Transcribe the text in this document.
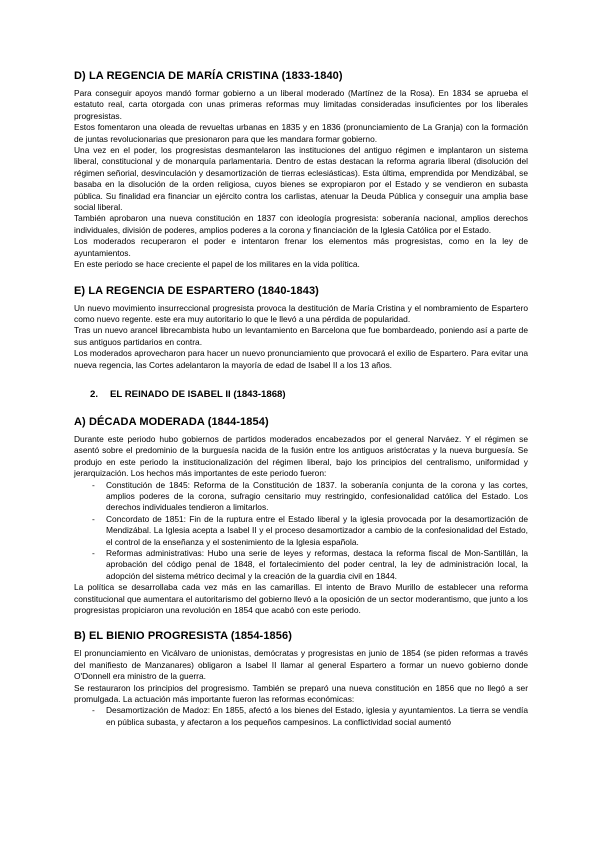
D) LA REGENCIA DE MARÍA CRISTINA (1833-1840)

Para conseguir apoyos mandó formar gobierno a un liberal moderado (Martínez de la Rosa). En 1834 se aprueba el estatuto real, carta otorgada con unas primeras reformas muy limitadas consideradas insuficientes por los liberales progresistas.

Estos fomentaron una oleada de revueltas urbanas en 1835 y en 1836 (pronunciamiento de La Granja) con la formación de juntas revolucionarias que presionaron para que les mandara formar gobierno.

Una vez en el poder, los progresistas desmantelaron las instituciones del antiguo régimen e implantaron un sistema liberal, constitucional y de monarquía parlamentaria. Dentro de estas destacan la reforma agraria liberal (disolución del régimen señorial, desvinculación y desamortización de tierras eclesiásticas). Esta última, emprendida por Mendizábal, se basaba en la disolución de la orden religiosa, cuyos bienes se expropiaron por el Estado y se vendieron en subasta pública. Su finalidad era financiar un ejército contra los carlistas, atenuar la Deuda Pública y conseguir una amplia base social liberal.

También aprobaron una nueva constitución en 1837 con ideología progresista: soberanía nacional, amplios derechos individuales, división de poderes, amplios poderes a la corona y financiación de la Iglesia Católica por el Estado.

Los moderados recuperaron el poder e intentaron frenar los elementos más progresistas, como en la ley de ayuntamientos.

En este periodo se hace creciente el papel de los militares en la vida política.

E) LA REGENCIA DE ESPARTERO (1840-1843)

Un nuevo movimiento insurreccional progresista provoca la destitución de María Cristina y el nombramiento de Espartero como nuevo regente. este era muy autoritario lo que le llevó a una pérdida de popularidad.

Tras un nuevo arancel librecambista hubo un levantamiento en Barcelona que fue bombardeado, poniendo así a parte de sus antiguos partidarios en contra.

Los moderados aprovecharon para hacer un nuevo pronunciamiento que provocará el exilio de Espartero. Para evitar una nueva regencia, las Cortes adelantaron la mayoría de edad de Isabel II a los 13 años.

2. EL REINADO DE ISABEL II (1843-1868)
A) DÉCADA MODERADA (1844-1854)

Durante este periodo hubo gobiernos de partidos moderados encabezados por el general Narváez. Y el régimen se asentó sobre el predominio de la burguesía nacida de la fusión entre los antiguos aristócratas y la nueva burguesía. Se produjo en este periodo la institucionalización del régimen liberal, bajo los principios del centralismo, uniformidad y jerarquización. Los hechos más importantes de este periodo fueron:

- Constitución de 1845: Reforma de la Constitución de 1837. la soberanía conjunta de la corona y las cortes, amplios poderes de la corona, sufragio censitario muy restringido, confesionalidad católica del Estado. Los derechos individuales tendieron a limitarlos.
- Concordato de 1851: Fin de la ruptura entre el Estado liberal y la iglesia provocada por la desamortización de Mendizábal. La Iglesia acepta a Isabel II y el proceso desamortizador a cambio de la confesionalidad del Estado, el control de la enseñanza y el sostenimiento de la Iglesia española.
- Reformas administrativas: Hubo una serie de leyes y reformas, destaca la reforma fiscal de Mon-Santillán, la aprobación del código penal de 1848, el fortalecimiento del poder central, la ley de administración local, la adopción del sistema métrico decimal y la creación de la guardia civil en 1844.

La política se desarrollaba cada vez más en las camarillas. El intento de Bravo Murillo de establecer una reforma constitucional que aumentara el autoritarismo del gobierno llevó a la oposición de un sector moderantismo, que junto a los progresistas propiciaron una revolución en 1854 que acabó con este periodo.

B) EL BIENIO PROGRESISTA (1854-1856)

El pronunciamiento en Vicálvaro de unionistas, demócratas y progresistas en junio de 1854 (se piden reformas a través del manifiesto de Manzanares) obligaron a Isabel II llamar al general Espartero a formar un nuevo gobierno donde O'Donnell era ministro de la guerra.

Se restauraron los principios del progresismo. También se preparó una nueva constitución en 1856 que no llegó a ser promulgada. La actuación más importante fueron las reformas económicas:

- Desamortización de Madoz: En 1855, afectó a los bienes del Estado, iglesia y ayuntamientos. La tierra se vendía en pública subasta, y afectaron a los pequeños campesinos. La conflictividad social aumentó
